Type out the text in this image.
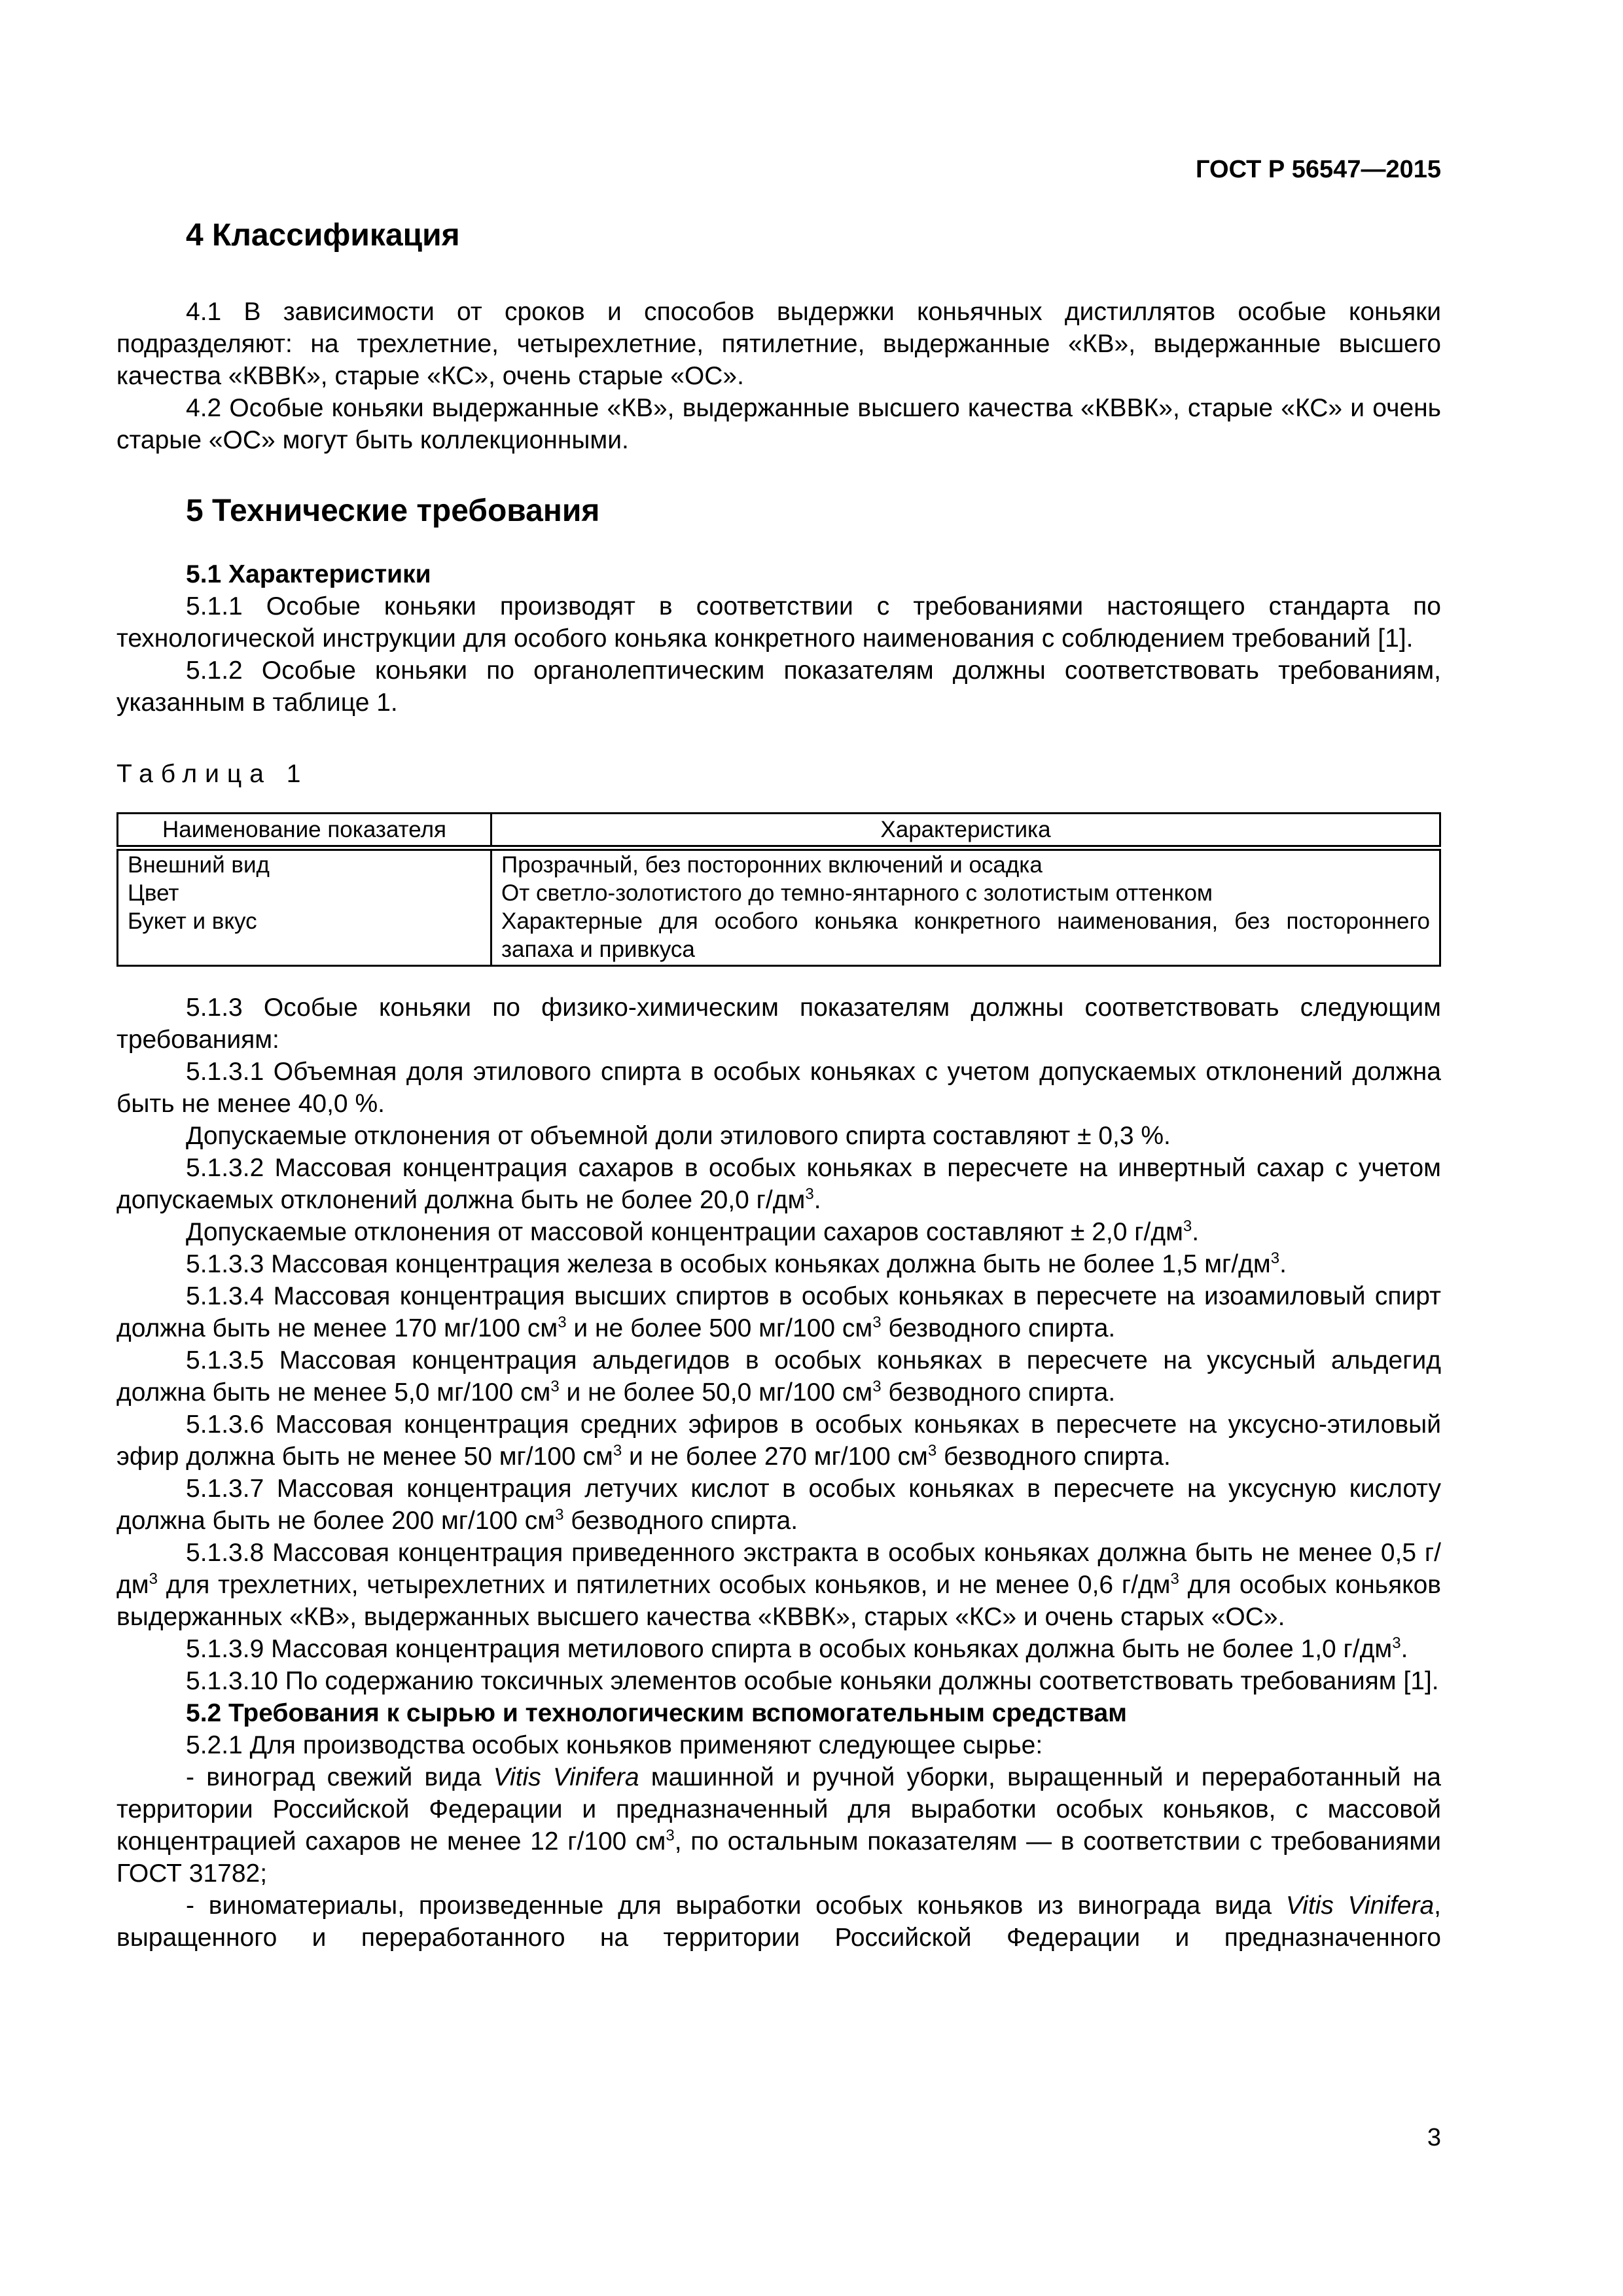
ГОСТ Р 56547—2015
4 Классификация

4.1 В зависимости от сроков и способов выдержки коньячных дистиллятов особые коньяки подразделяют: на трехлетние, четырехлетние, пятилетние, выдержанные «КВ», выдержанные высшего качества «КВВК», старые «КС», очень старые «ОС».

4.2 Особые коньяки выдержанные «КВ», выдержанные высшего качества «КВВК», старые «КС» и очень старые «ОС» могут быть коллекционными.

5 Технические требования

5.1 Характеристики

5.1.1 Особые коньяки производят в соответствии с требованиями настоящего стандарта по технологической инструкции для особого коньяка конкретного наименования с соблюдением требований [1].

5.1.2 Особые коньяки по органолептическим показателям должны соответствовать требованиям, указанным в таблице 1.

Таблица 1
Наименование показателя	Характеристика
Внешний вид	Прозрачный, без посторонних включений и осадка
Цвет	От светло-золотистого до темно-янтарного с золотистым оттенком
Букет и вкус	Характерные для особого коньяка конкретного наименования, без постороннего запаха и привкуса

5.1.3 Особые коньяки по физико-химическим показателям должны соответствовать следующим требованиям:

5.1.3.1 Объемная доля этилового спирта в особых коньяках с учетом допускаемых отклонений должна быть не менее 40,0 %.

Допускаемые отклонения от объемной доли этилового спирта составляют ± 0,3 %.

5.1.3.2 Массовая концентрация сахаров в особых коньяках в пересчете на инвертный сахар с учетом допускаемых отклонений должна быть не более 20,0 $г/дм^3$.

Допускаемые отклонения от массовой концентрации сахаров составляют ± 2,0 $г/дм^3$.

5.1.3.3 Массовая концентрация железа в особых коньяках должна быть не более 1,5 $мг/дм^3$.

5.1.3.4 Массовая концентрация высших спиртов в особых коньяках в пересчете на изоамиловый спирт должна быть не менее 170 мг/100 $см^3$ и не более 500 мг/100 $см^3$ безводного спирта.

5.1.3.5 Массовая концентрация альдегидов в особых коньяках в пересчете на уксусный альдегид должна быть не менее 5,0 мг/100 $см^3$ и не более 50,0 мг/100 $см^3$ безводного спирта.

5.1.3.6 Массовая концентрация средних эфиров в особых коньяках в пересчете на уксусно-этиловый эфир должна быть не менее 50 мг/100 $см^3$ и не более 270 мг/100 $см^3$ безводного спирта.

5.1.3.7 Массовая концентрация летучих кислот в особых коньяках в пересчете на уксусную кислоту должна быть не более 200 мг/100 $см^3$ безводного спирта.

5.1.3.8 Массовая концентрация приведенного экстракта в особых коньяках должна быть не менее 0,5 $г/дм^3$ для трехлетних, четырехлетних и пятилетних особых коньяков, и не менее 0,6 $г/дм^3$ для особых коньяков выдержанных «КВ», выдержанных высшего качества «КВВК», старых «КС» и очень старых «ОС».

5.1.3.9 Массовая концентрация метилового спирта в особых коньяках должна быть не более 1,0 $г/дм^3$.

5.1.3.10 По содержанию токсичных элементов особые коньяки должны соответствовать требованиям [1].

5.2 Требования к сырью и технологическим вспомогательным средствам

5.2.1 Для производства особых коньяков применяют следующее сырье:

- виноград свежий вида Vitis Vinifera машинной и ручной уборки, выращенный и переработанный на территории Российской Федерации и предназначенный для выработки особых коньяков, с массовой концентрацией сахаров не менее 12 г/100 $см^3$, по остальным показателям — в соответствии с требованиями ГОСТ 31782;

- виноматериалы, произведенные для выработки особых коньяков из винограда вида Vitis Vinifera, выращенного и переработанного на территории Российской Федерации и предназначенного

3
